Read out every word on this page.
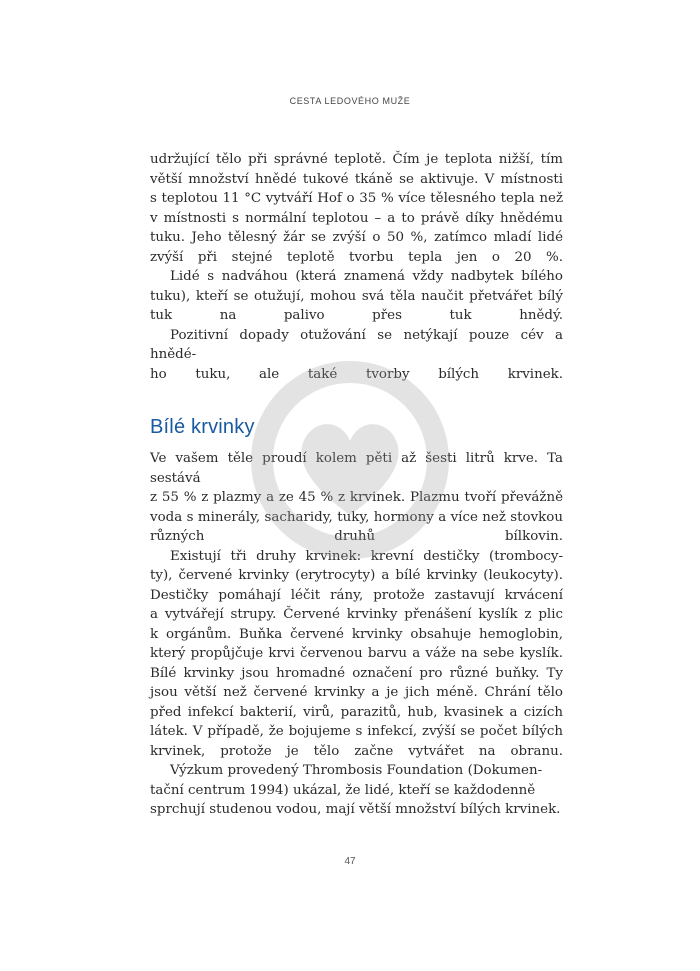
CESTA LEDOVÉHO MUŽE

udržující tělo při správné teplotě. Čím je teplota nižší, tím
větší množství hnědé tukové tkáně se aktivuje. V místnosti
s teplotou 11 °C vytváří Hof o 35 % více tělesného tepla než
v místnosti s normální teplotou – a to právě díky hnědému
tuku. Jeho tělesný žár se zvýší o 50 %, zatímco mladí lidé
zvýší při stejné teplotě tvorbu tepla jen o 20 %.

Lidé s nadváhou (která znamená vždy nadbytek bílého
tuku), kteří se otužují, mohou svá těla naučit přetvářet bílý
tuk na palivo přes tuk hnědý.

Pozitivní dopady otužování se netýkají pouze cév a hnědé-
ho tuku, ale také tvorby bílých krvinek.

Bílé krvinky

Ve vašem těle proudí kolem pěti až šesti litrů krve. Ta sestává
z 55 % z plazmy a ze 45 % z krvinek. Plazmu tvoří převážně
voda s minerály, sacharidy, tuky, hormony a více než stovkou
různých druhů bílkovin.

Existují tři druhy krvinek: krevní destičky (trombocy-
ty), červené krvinky (erytrocyty) a bílé krvinky (leukocyty).
Destičky pomáhají léčit rány, protože zastavují krvácení
a vytvářejí strupy. Červené krvinky přenášení kyslík z plic
k orgánům. Buňka červené krvinky obsahuje hemoglobin,
který propůjčuje krvi červenou barvu a váže na sebe kyslík.
Bílé krvinky jsou hromadné označení pro různé buňky. Ty
jsou větší než červené krvinky a je jich méně. Chrání tělo
před infekcí bakterií, virů, parazitů, hub, kvasinek a cizích
látek. V případě, že bojujeme s infekcí, zvýší se počet bílých
krvinek, protože je tělo začne vytvářet na obranu.

Výzkum provedený Thrombosis Foundation (Dokumen-
tační centrum 1994) ukázal, že lidé, kteří se každodenně
sprchují studenou vodou, mají větší množství bílých krvinek.

47
